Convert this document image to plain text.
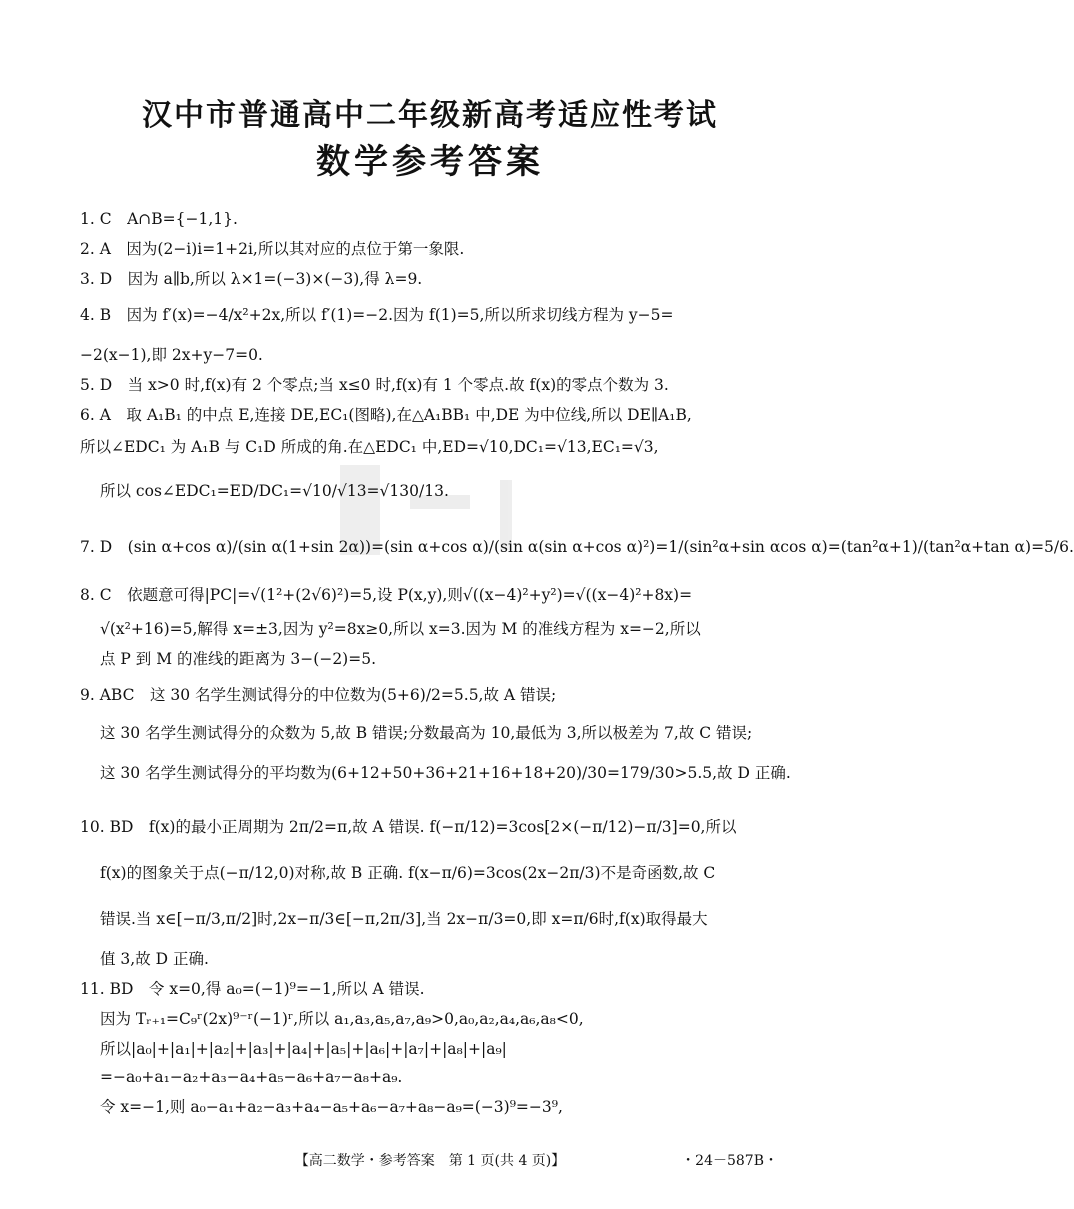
汉中市普通高中二年级新高考适应性考试
数学参考答案
1. C　A∩B={−1,1}.
2. A　因为(2−i)i=1+2i,所以其对应的点位于第一象限.
3. D　因为 a∥b,所以 λ×1=(−3)×(−3),得 λ=9.
4. B　因为 f′(x)=−4/x²+2x,所以 f′(1)=−2.因为 f(1)=5,所以所求切线方程为 y−5=
−2(x−1),即 2x+y−7=0.
5. D　当 x>0 时,f(x)有 2 个零点;当 x≤0 时,f(x)有 1 个零点.故 f(x)的零点个数为 3.
6. A　取 A₁B₁ 的中点 E,连接 DE,EC₁(图略),在△A₁BB₁ 中,DE 为中位线,所以 DE∥A₁B,
所以∠EDC₁ 为 A₁B 与 C₁D 所成的角.在△EDC₁ 中,ED=√10,DC₁=√13,EC₁=√3,
所以 cos∠EDC₁=ED/DC₁=√10/√13=√130/13.
7. D　(sin α+cos α)/(sin α(1+sin 2α))=(sin α+cos α)/(sin α(sin α+cos α)²)=1/(sin²α+sin αcos α)=(tan²α+1)/(tan²α+tan α)=5/6.
8. C　依题意可得|PC|=√(1²+(2√6)²)=5,设 P(x,y),则√((x−4)²+y²)=√((x−4)²+8x)=
√(x²+16)=5,解得 x=±3,因为 y²=8x≥0,所以 x=3.因为 M 的准线方程为 x=−2,所以
点 P 到 M 的准线的距离为 3−(−2)=5.
9. ABC　这 30 名学生测试得分的中位数为(5+6)/2=5.5,故 A 错误;
这 30 名学生测试得分的众数为 5,故 B 错误;分数最高为 10,最低为 3,所以极差为 7,故 C 错误;
这 30 名学生测试得分的平均数为(6+12+50+36+21+16+18+20)/30=179/30>5.5,故 D 正确.
10. BD　f(x)的最小正周期为 2π/2=π,故 A 错误. f(−π/12)=3cos[2×(−π/12)−π/3]=0,所以
f(x)的图象关于点(−π/12,0)对称,故 B 正确. f(x−π/6)=3cos(2x−2π/3)不是奇函数,故 C
错误.当 x∈[−π/3,π/2]时,2x−π/3∈[−π,2π/3],当 2x−π/3=0,即 x=π/6时,f(x)取得最大
值 3,故 D 正确.
11. BD　令 x=0,得 a₀=(−1)⁹=−1,所以 A 错误.
因为 Tᵣ₊₁=C₉ʳ(2x)⁹⁻ʳ(−1)ʳ,所以 a₁,a₃,a₅,a₇,a₉>0,a₀,a₂,a₄,a₆,a₈<0,
所以|a₀|+|a₁|+|a₂|+|a₃|+|a₄|+|a₅|+|a₆|+|a₇|+|a₈|+|a₉|
=−a₀+a₁−a₂+a₃−a₄+a₅−a₆+a₇−a₈+a₉.
令 x=−1,则 a₀−a₁+a₂−a₃+a₄−a₅+a₆−a₇+a₈−a₉=(−3)⁹=−3⁹,
【高二数学・参考答案　第 1 页(共 4 页)】	・24－587B・
